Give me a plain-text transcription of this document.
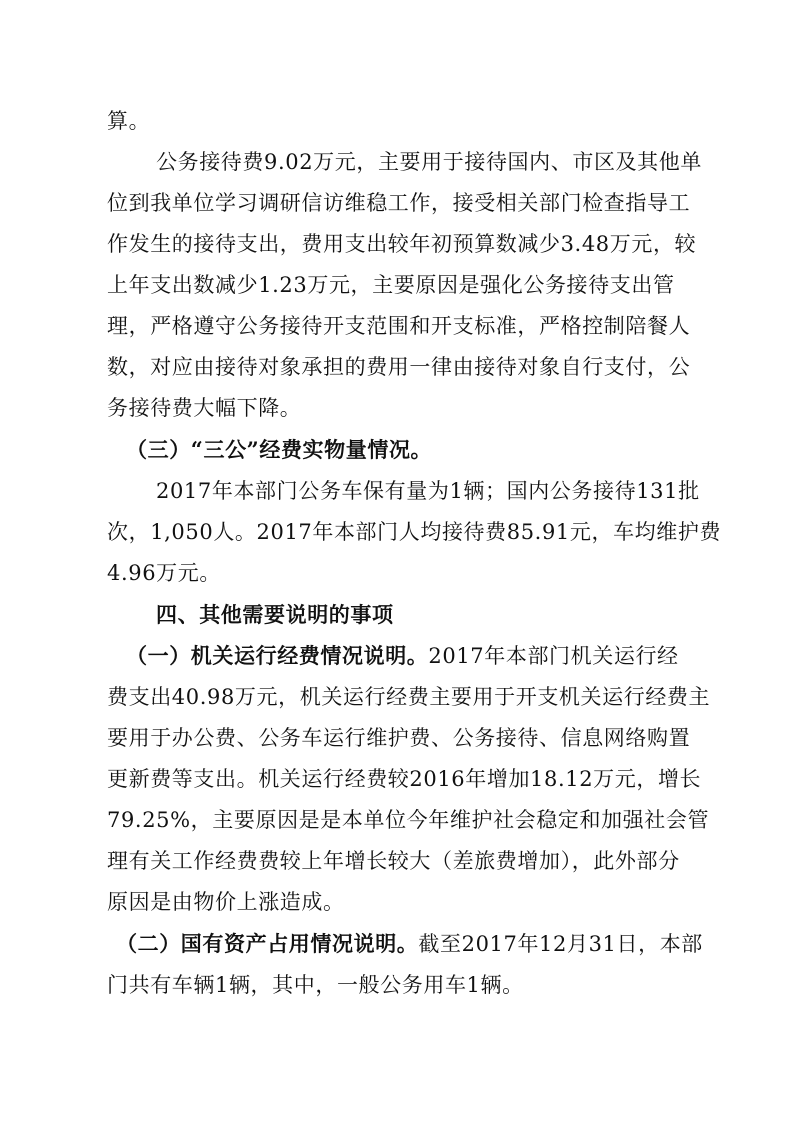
算。
公务接待费9.02万元，主要用于接待国内、市区及其他单
位到我单位学习调研信访维稳工作，接受相关部门检查指导工
作发生的接待支出，费用支出较年初预算数减少3.48万元，较
上年支出数减少1.23万元，主要原因是强化公务接待支出管
理，严格遵守公务接待开支范围和开支标准，严格控制陪餐人
数，对应由接待对象承担的费用一律由接待对象自行支付，公
务接待费大幅下降。
（三）“三公”经费实物量情况。
2017年本部门公务车保有量为1辆；国内公务接待131批
次，1,050人。2017年本部门人均接待费85.91元，车均维护费
4.96万元。
四、其他需要说明的事项
（一）机关运行经费情况说明。2017年本部门机关运行经
费支出40.98万元，机关运行经费主要用于开支机关运行经费主
要用于办公费、公务车运行维护费、公务接待、信息网络购置
更新费等支出。机关运行经费较2016年增加18.12万元，增长
79.25%，主要原因是是本单位今年维护社会稳定和加强社会管
理有关工作经费费较上年增长较大（差旅费增加），此外部分
原因是由物价上涨造成。
（二）国有资产占用情况说明。截至2017年12月31日，本部
门共有车辆1辆，其中，一般公务用车1辆。
